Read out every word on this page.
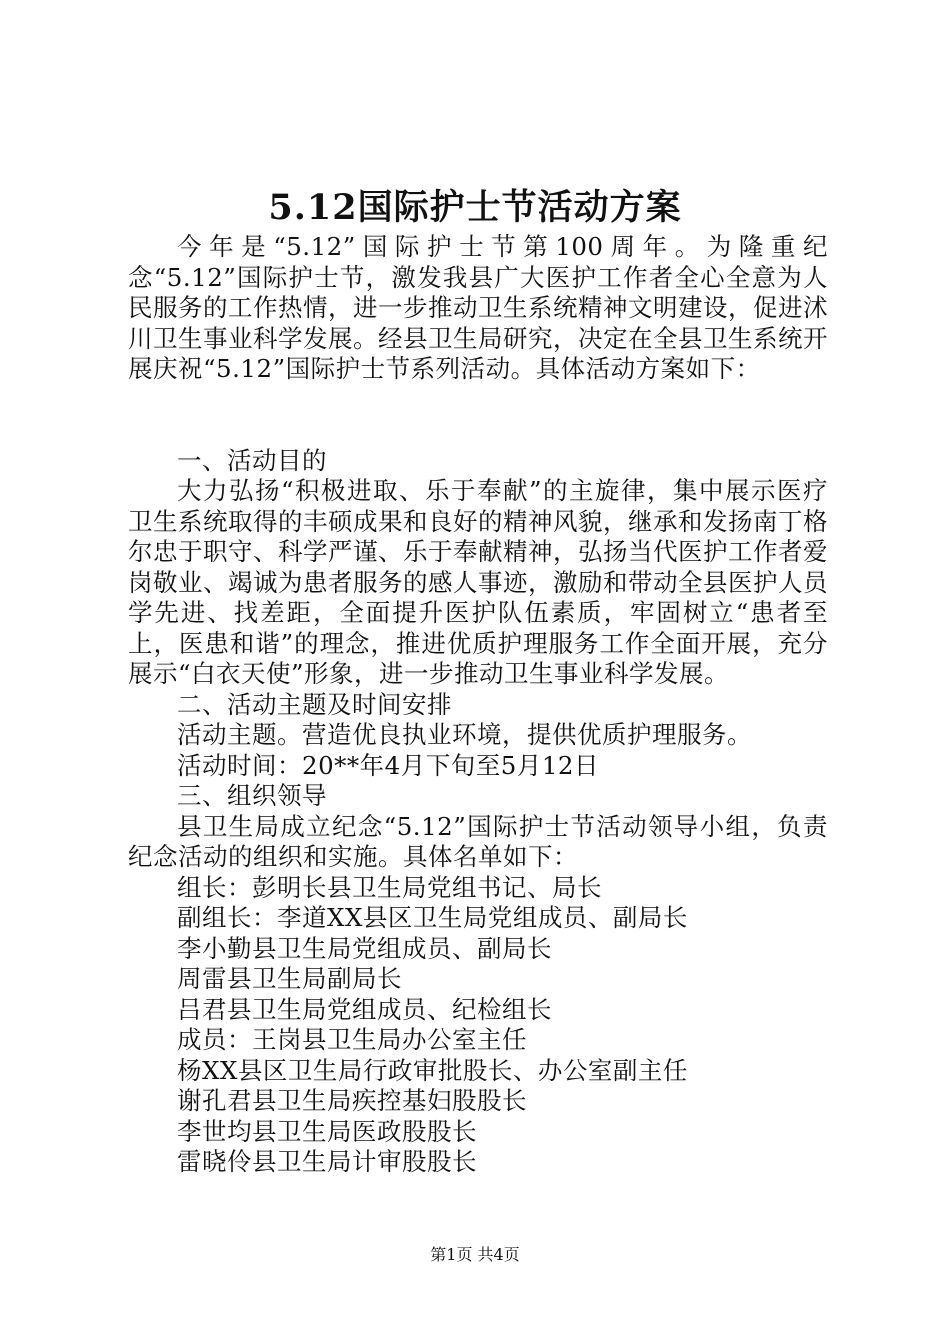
5.12国际护士节活动方案

今年是“5.12”国际护士节第100周年。为隆重纪念“5.12”国际护士节，激发我县广大医护工作者全心全意为人民服务的工作热情，进一步推动卫生系统精神文明建设，促进沭川卫生事业科学发展。经县卫生局研究，决定在全县卫生系统开展庆祝“5.12”国际护士节系列活动。具体活动方案如下：

一、活动目的

大力弘扬“积极进取、乐于奉献”的主旋律，集中展示医疗卫生系统取得的丰硕成果和良好的精神风貌，继承和发扬南丁格尔忠于职守、科学严谨、乐于奉献精神，弘扬当代医护工作者爱岗敬业、竭诚为患者服务的感人事迹，激励和带动全县医护人员学先进、找差距，全面提升医护队伍素质，牢固树立“患者至上，医患和谐”的理念，推进优质护理服务工作全面开展，充分展示“白衣天使”形象，进一步推动卫生事业科学发展。

二、活动主题及时间安排

活动主题。营造优良执业环境，提供优质护理服务。

活动时间：20**年4月下旬至5月12日

三、组织领导

县卫生局成立纪念“5.12”国际护士节活动领导小组，负责纪念活动的组织和实施。具体名单如下：

组长：彭明长县卫生局党组书记、局长

副组长：李道XX县区卫生局党组成员、副局长

李小勤县卫生局党组成员、副局长

周雷县卫生局副局长

吕君县卫生局党组成员、纪检组长

成员：王岗县卫生局办公室主任

杨XX县区卫生局行政审批股长、办公室副主任

谢孔君县卫生局疾控基妇股股长

李世均县卫生局医政股股长

雷晓伶县卫生局计审股股长

第1页 共4页
